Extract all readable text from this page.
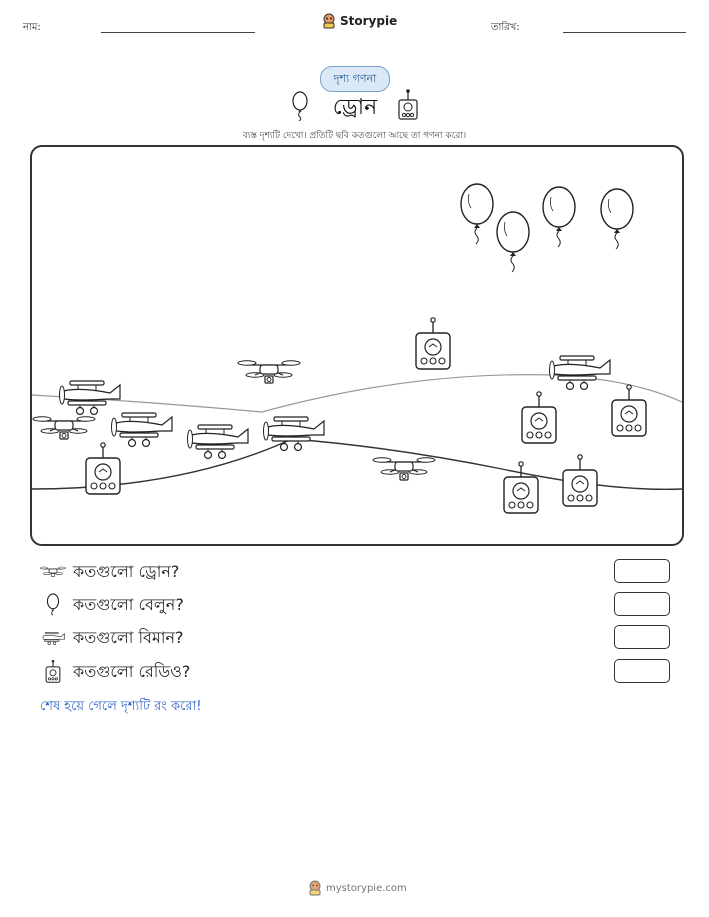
নাম:	Storypie	তারিখ:
দৃশ্য গণনা
ড্রোন
ব্যস্ত দৃশ্যটি দেখো। প্রতিটি ছবি কতগুলো আছে তা গণনা করো।
কতগুলো ড্রোন?
কতগুলো বেলুন?
কতগুলো বিমান?
কতগুলো রেডিও?
শেষ হয়ে গেলে দৃশ্যটি রং করো!
mystorypie.com
